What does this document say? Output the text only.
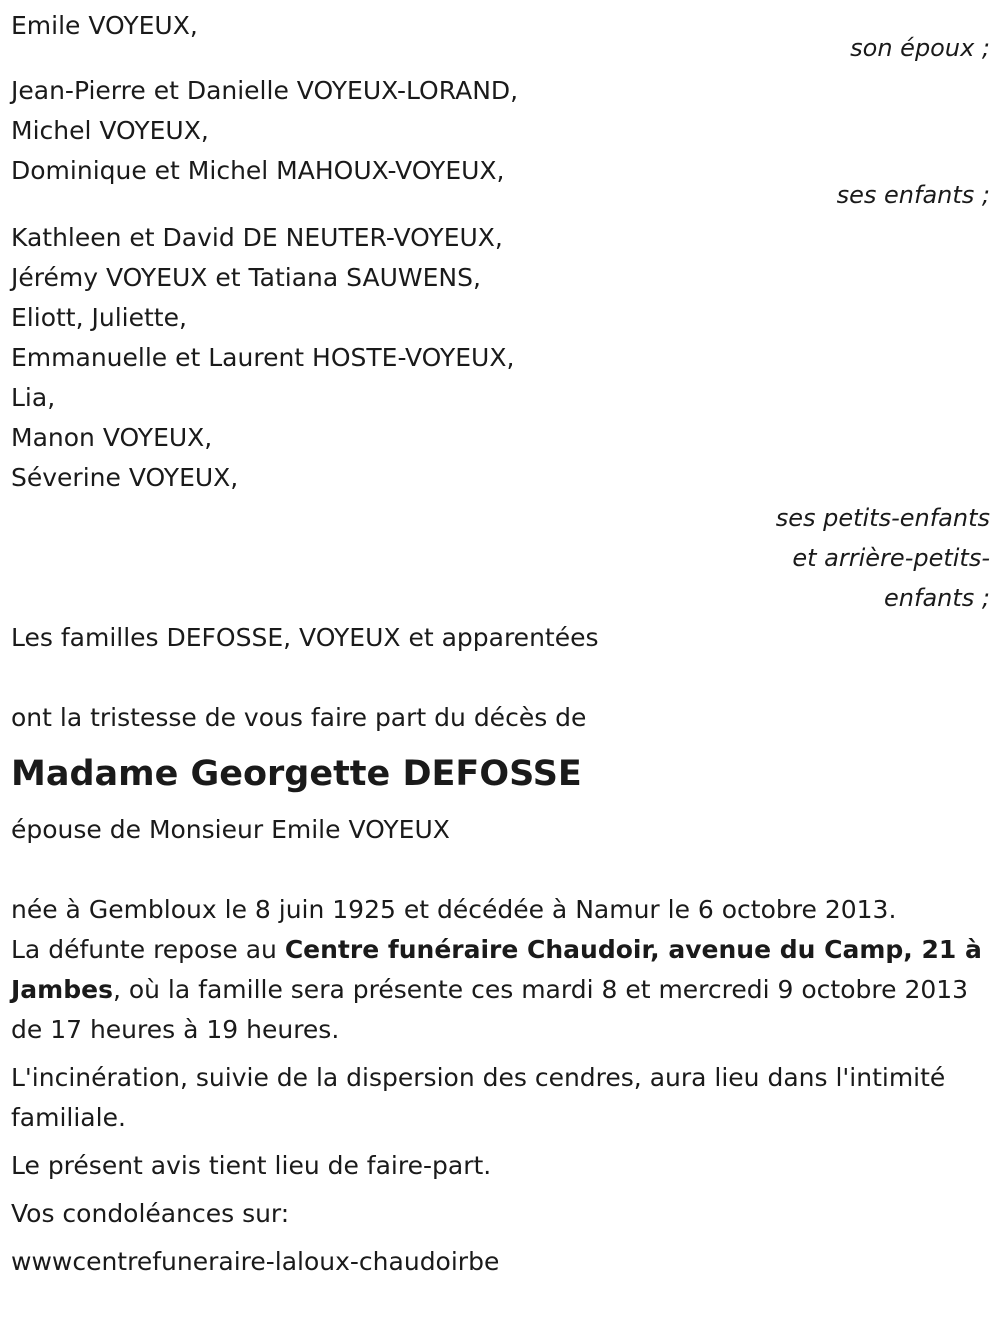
Emile VOYEUX,
son époux ;
Jean-Pierre et Danielle VOYEUX-LORAND,
Michel VOYEUX,
Dominique et Michel MAHOUX-VOYEUX,
ses enfants ;
Kathleen et David DE NEUTER-VOYEUX,
Jérémy VOYEUX et Tatiana SAUWENS,
Eliott, Juliette,
Emmanuelle et Laurent HOSTE-VOYEUX,
Lia,
Manon VOYEUX,
Séverine VOYEUX,
ses petits-enfants
et arrière-petits-
enfants ;
Les familles DEFOSSE, VOYEUX et apparentées
ont la tristesse de vous faire part du décès de
Madame Georgette DEFOSSE
épouse de Monsieur Emile VOYEUX
née à Gembloux le 8 juin 1925 et décédée à Namur le 6 octobre 2013.
La défunte repose au Centre funéraire Chaudoir, avenue du Camp, 21 à Jambes, où la famille sera présente ces mardi 8 et mercredi 9 octobre 2013 de 17 heures à 19 heures.
L'incinération, suivie de la dispersion des cendres, aura lieu dans l'intimité familiale.
Le présent avis tient lieu de faire-part.
Vos condoléances sur:
wwwcentrefuneraire-laloux-chaudoirbe
